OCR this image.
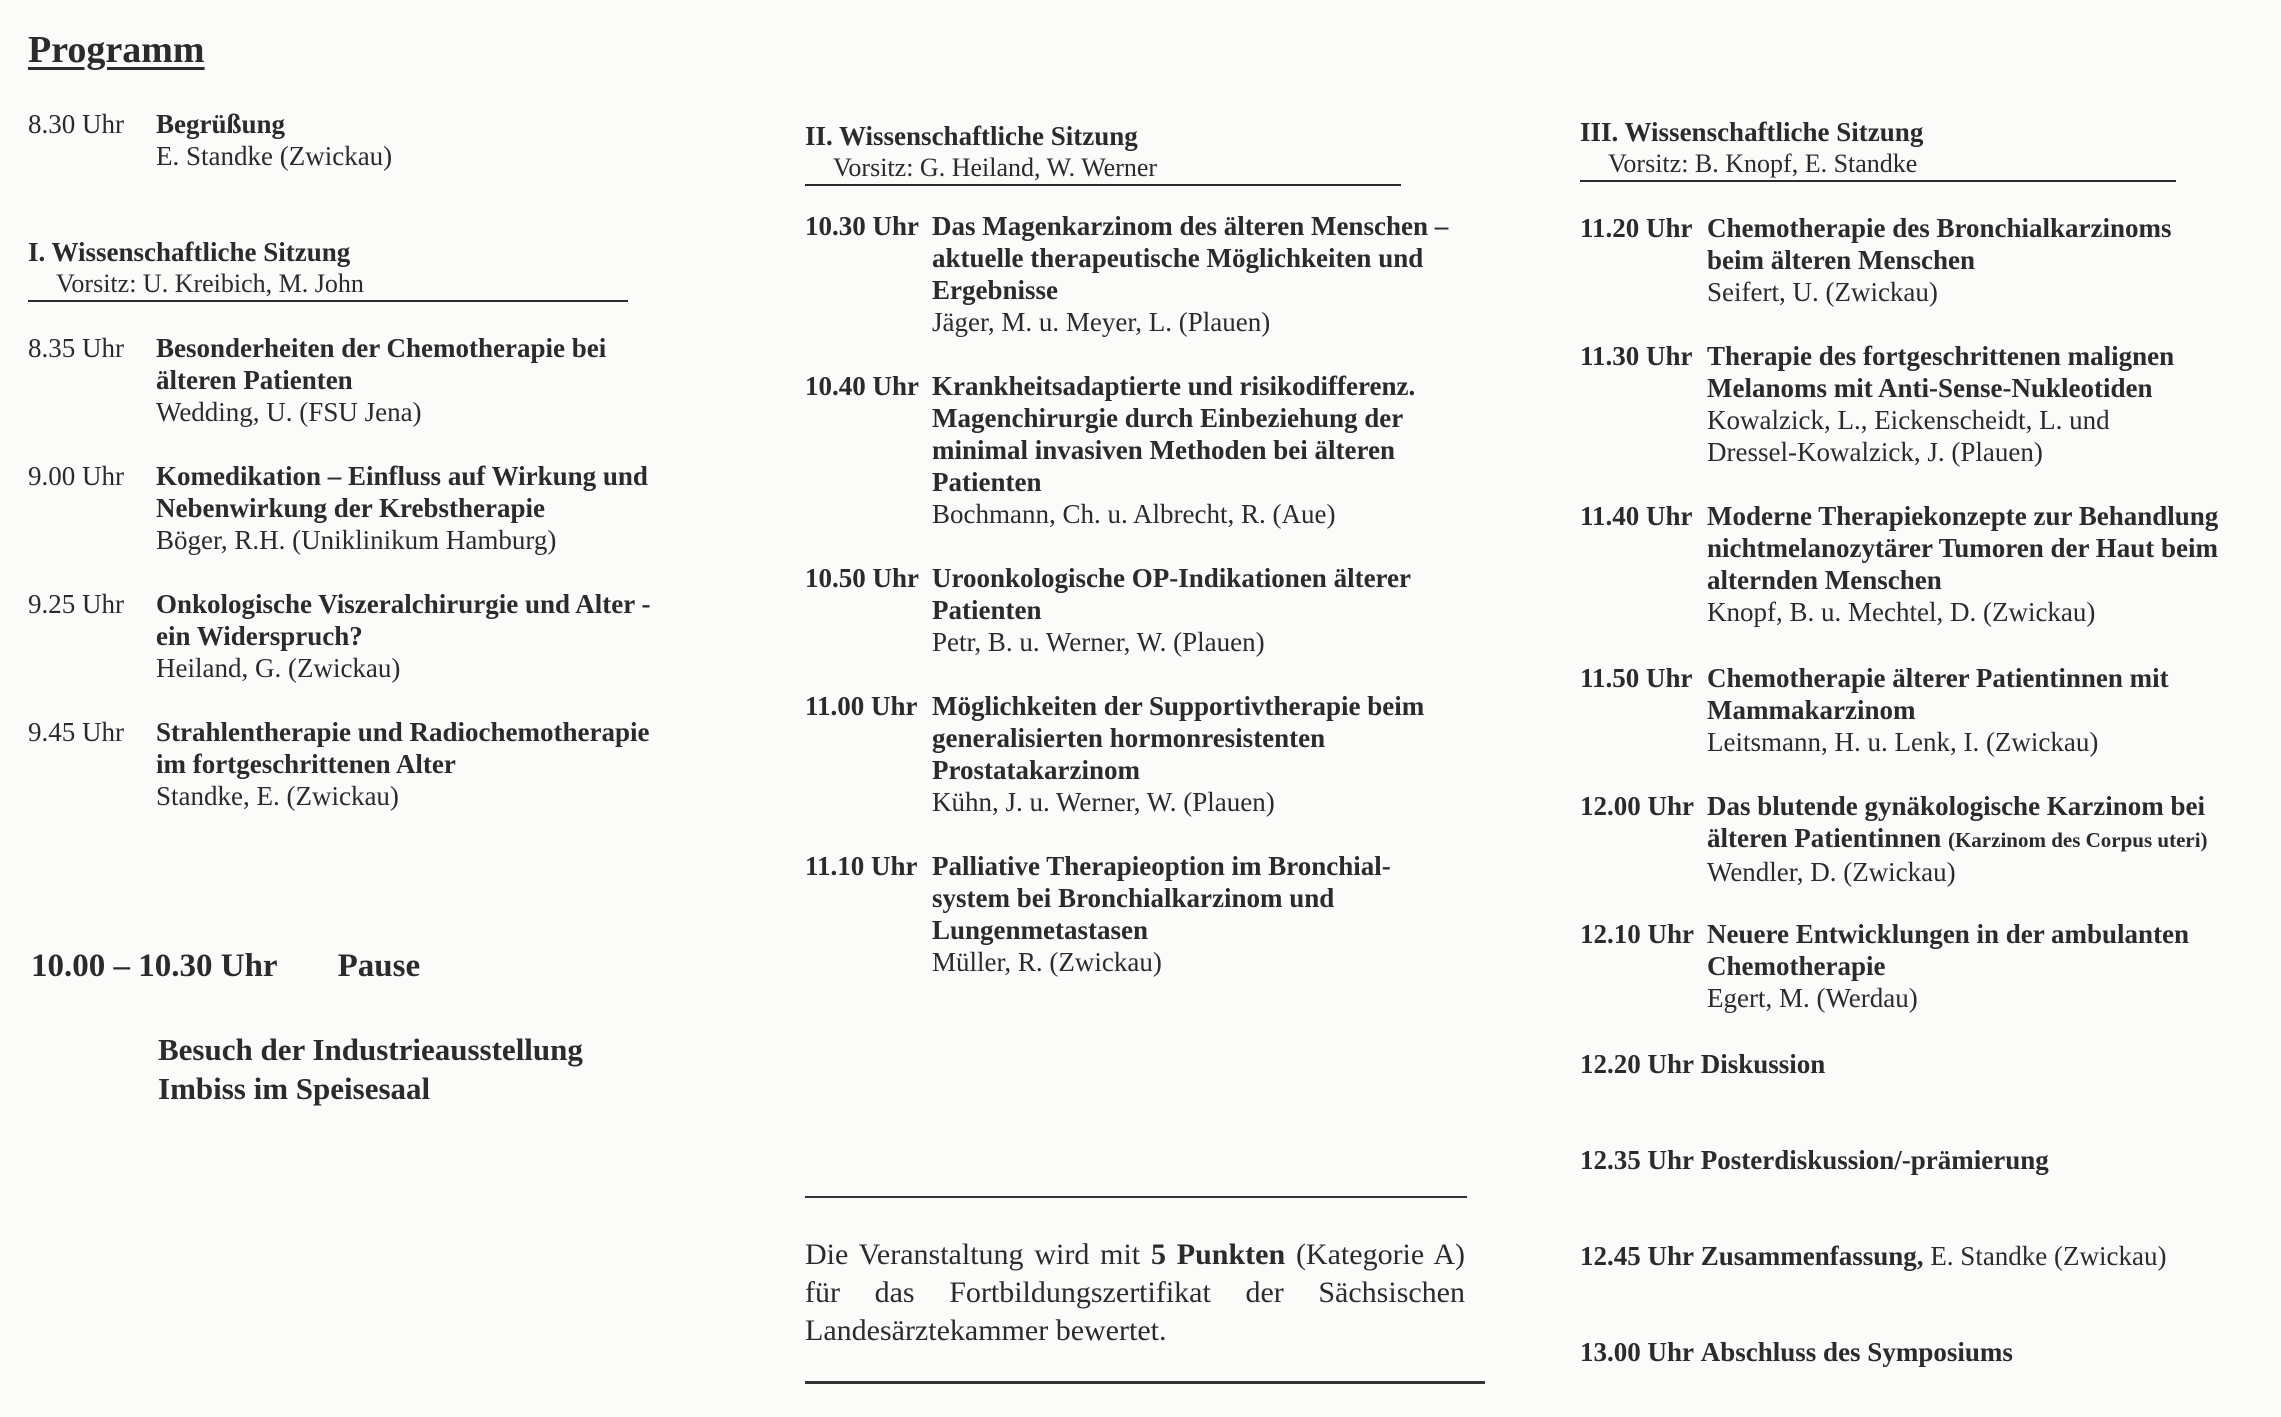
Programm
8.30 Uhr Begrüßung
E. Standke (Zwickau)
I. Wissenschaftliche Sitzung
Vorsitz: U. Kreibich, M. John
8.35 Uhr Besonderheiten der Chemotherapie bei
älteren Patienten
Wedding, U. (FSU Jena)
9.00 Uhr Komedikation – Einfluss auf Wirkung und
Nebenwirkung der Krebstherapie
Böger, R.H. (Uniklinikum Hamburg)
9.25 Uhr Onkologische Viszeralchirurgie und Alter -
ein Widerspruch?
Heiland, G. (Zwickau)
9.45 Uhr Strahlentherapie und Radiochemotherapie
im fortgeschrittenen Alter
Standke, E. (Zwickau)
10.00 – 10.30 Uhr Pause
Besuch der Industrieausstellung
Imbiss im Speisesaal
II. Wissenschaftliche Sitzung
Vorsitz: G. Heiland, W. Werner
10.30 Uhr Das Magenkarzinom des älteren Menschen –
aktuelle therapeutische Möglichkeiten und
Ergebnisse
Jäger, M. u. Meyer, L. (Plauen)
10.40 Uhr Krankheitsadaptierte und risikodifferenz.
Magenchirurgie durch Einbeziehung der
minimal invasiven Methoden bei älteren
Patienten
Bochmann, Ch. u. Albrecht, R. (Aue)
10.50 Uhr Uroonkologische OP-Indikationen älterer
Patienten
Petr, B. u. Werner, W. (Plauen)
11.00 Uhr Möglichkeiten der Supportivtherapie beim
generalisierten hormonresistenten
Prostatakarzinom
Kühn, J. u. Werner, W. (Plauen)
11.10 Uhr Palliative Therapieoption im Bronchial-
system bei Bronchialkarzinom und
Lungenmetastasen
Müller, R. (Zwickau)
Die Veranstaltung wird mit 5 Punkten (Kategorie A) für das Fortbildungszertifikat der Sächsischen Landesärztekammer bewertet.
III. Wissenschaftliche Sitzung
Vorsitz: B. Knopf, E. Standke
11.20 Uhr Chemotherapie des Bronchialkarzinoms
beim älteren Menschen
Seifert, U. (Zwickau)
11.30 Uhr Therapie des fortgeschrittenen malignen
Melanoms mit Anti-Sense-Nukleotiden
Kowalzick, L., Eickenscheidt, L. und
Dressel-Kowalzick, J. (Plauen)
11.40 Uhr Moderne Therapiekonzepte zur Behandlung
nichtmelanozytärer Tumoren der Haut beim
alternden Menschen
Knopf, B. u. Mechtel, D. (Zwickau)
11.50 Uhr Chemotherapie älterer Patientinnen mit
Mammakarzinom
Leitsmann, H. u. Lenk, I. (Zwickau)
12.00 Uhr Das blutende gynäkologische Karzinom bei
älteren Patientinnen (Karzinom des Corpus uteri)
Wendler, D. (Zwickau)
12.10 Uhr Neuere Entwicklungen in der ambulanten
Chemotherapie
Egert, M. (Werdau)
12.20 Uhr Diskussion
12.35 Uhr Posterdiskussion/-prämierung
12.45 Uhr Zusammenfassung, E. Standke (Zwickau)
13.00 Uhr Abschluss des Symposiums
